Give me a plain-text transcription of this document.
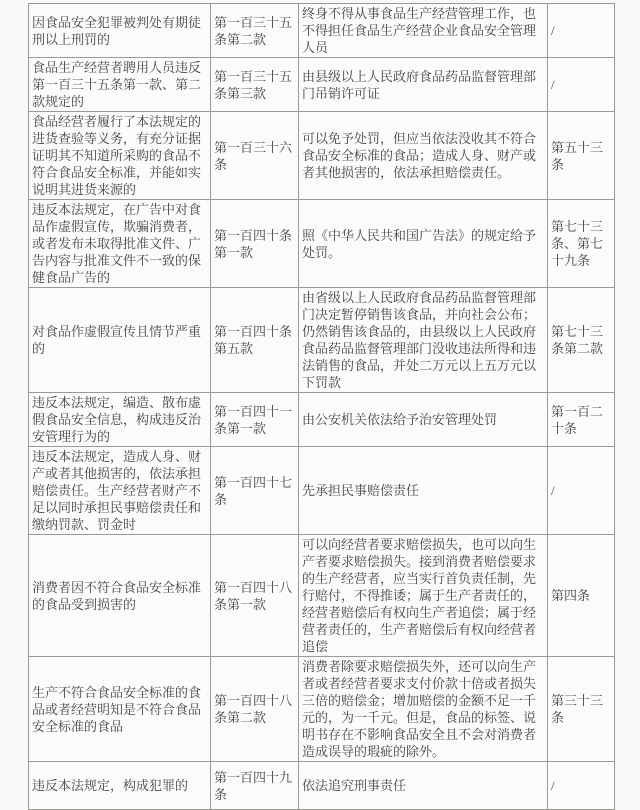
因食品安全犯罪被判处有期徒刑以上刑罚的	第一百三十五条第二款	终身不得从事食品生产经营管理工作，也不得担任食品生产经营企业食品安全管理人员	/
食品生产经营者聘用人员违反第一百三十五条第一款、第二款规定的	第一百三十五条第三款	由县级以上人民政府食品药品监督管理部门吊销许可证	/
食品经营者履行了本法规定的进货查验等义务，有充分证据证明其不知道所采购的食品不符合食品安全标准，并能如实说明其进货来源的	第一百三十六条	可以免予处罚，但应当依法没收其不符合食品安全标准的食品；造成人身、财产或者其他损害的，依法承担赔偿责任。	第五十三条
违反本法规定，在广告中对食品作虚假宣传，欺骗消费者，或者发布未取得批准文件、广告内容与批准文件不一致的保健食品广告的	第一百四十条第一款	照《中华人民共和国广告法》的规定给予处罚。	第七十三条、第七十九条
对食品作虚假宣传且情节严重的	第一百四十条第五款	由省级以上人民政府食品药品监督管理部门决定暂停销售该食品，并向社会公布；仍然销售该食品的，由县级以上人民政府食品药品监督管理部门没收违法所得和违法销售的食品，并处二万元以上五万元以下罚款	第七十三条第二款
违反本法规定，编造、散布虚假食品安全信息，构成违反治安管理行为的	第一百四十一条第一款	由公安机关依法给予治安管理处罚	第一百二十条
违反本法规定，造成人身、财产或者其他损害的，依法承担赔偿责任。生产经营者财产不足以同时承担民事赔偿责任和缴纳罚款、罚金时	第一百四十七条	先承担民事赔偿责任	/
消费者因不符合食品安全标准的食品受到损害的	第一百四十八条第一款	可以向经营者要求赔偿损失，也可以向生产者要求赔偿损失。接到消费者赔偿要求的生产经营者，应当实行首负责任制，先行赔付，不得推诿；属于生产者责任的，经营者赔偿后有权向生产者追偿；属于经营者责任的，生产者赔偿后有权向经营者追偿	第四条
生产不符合食品安全标准的食品或者经营明知是不符合食品安全标准的食品	第一百四十八条第二款	消费者除要求赔偿损失外，还可以向生产者或者经营者要求支付价款十倍或者损失三倍的赔偿金；增加赔偿的金额不足一千元的，为一千元。但是，食品的标签、说明书存在不影响食品安全且不会对消费者造成误导的瑕疵的除外。	第三十三条
违反本法规定，构成犯罪的	第一百四十九条	依法追究刑事责任	/
